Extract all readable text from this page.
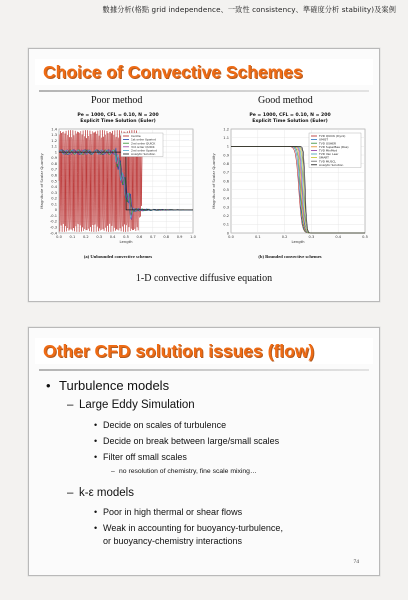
數據分析(格點 grid independence、一致性 consistency、準確度分析 stability)及案例
Choice of Convective Schemes
Poor method	Good method
Pe = 1000, CFL = 0.10, N = 200
Explicit Time Solution (Euler)
1.4
1.3
1.2
1.1
1
0.9
0.8
0.7
0.6
0.5
0.4
0.3
0.2
0.1
0
-0.1
-0.2
-0.3
-0.4
0.0 0.1 0.2 0.3 0.4 0.5 0.6 0.7 0.8 0.9 1.0
Length
Magnitude of Scalar Quantity
Centre
1st order Upwind
2nd order QUICK
3rd order QUICK
2nd order Upwind
Analytic Solution
(a) Unbounded convective schemes
Pe = 1000, CFL = 0.10, N = 200
Explicit Time Solution (Euler)
1.2
1.1
1
0.9
0.8
0.7
0.6
0.5
0.4
0.3
0.2
0.1
0
0.0	0.1	0.2	0.3	0.4	0.5
Length
Magnitude of Scalar Quantity
TVD QUICK (Dyck)
UMIST
TVD OSHER
TVD SuperBee (Roe)
TVD MinMod
TVD Van Leer
SMART
TVD MUSCL
Analytic Solution
(b) Bounded convective schemes
1-D convective diffusive equation
Other CFD solution issues (flow)
• Turbulence models
– Large Eddy Simulation
• Decide on scales of turbulence
• Decide on break between large/small scales
• Filter off small scales
– no resolution of chemistry, fine scale mixing…
– k-ε models
• Poor in high thermal or shear flows
• Weak in accounting for buoyancy-turbulence,
or buoyancy-chemistry interactions
74
